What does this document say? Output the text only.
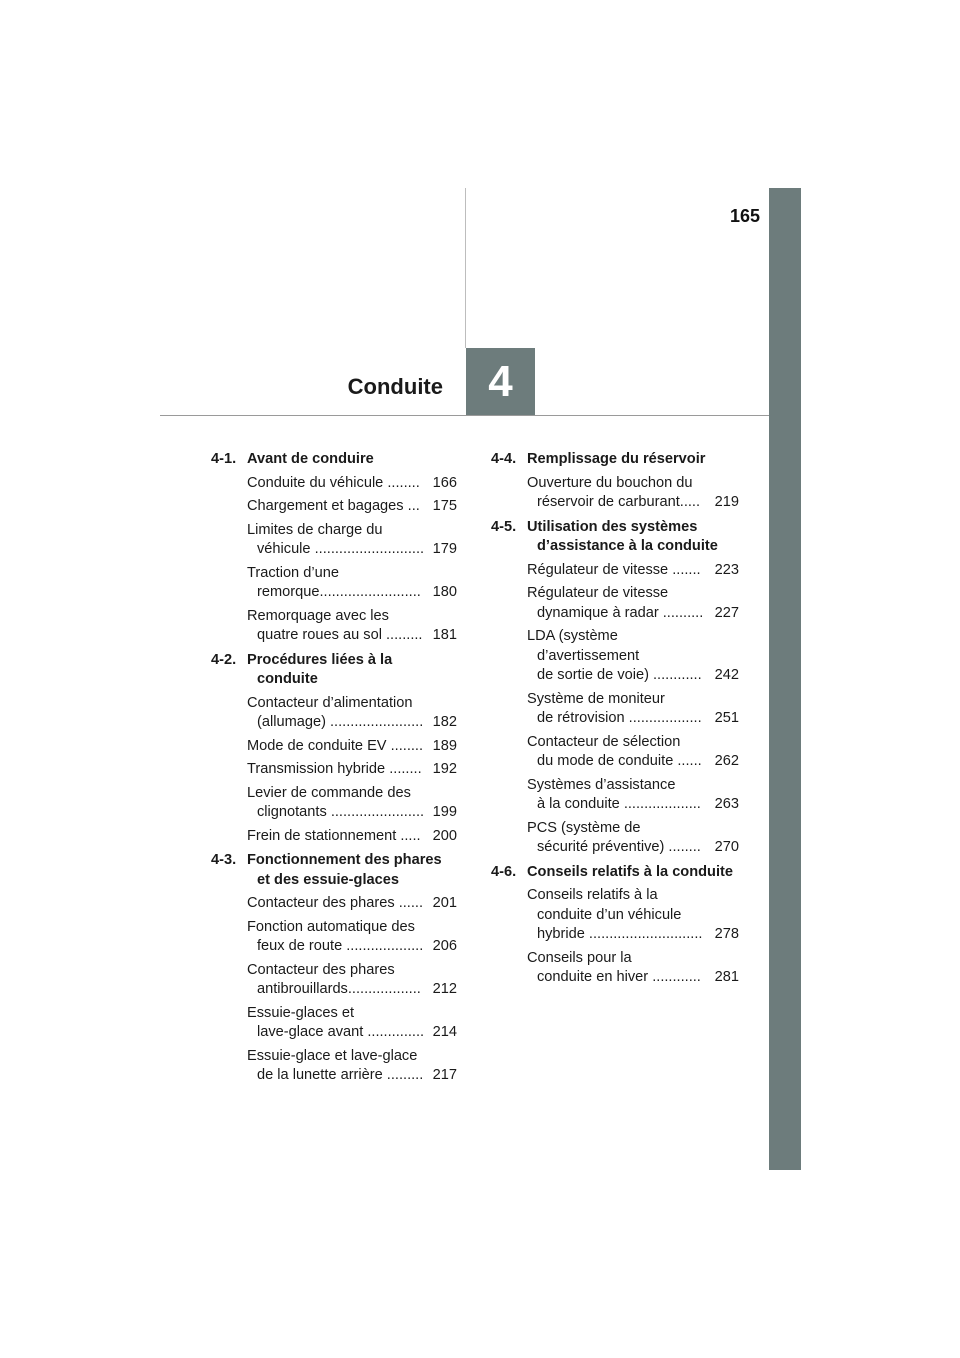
165
4
Conduite
4-1. Avant de conduire
Conduite du véhicule ........ 166
Chargement et bagages ... 175
Limites de charge du
véhicule ........................... 179
Traction d’une
remorque......................... 180
Remorquage avec les
quatre roues au sol ......... 181
4-2. Procédures liées à la conduite
Contacteur d’alimentation
(allumage) ....................... 182
Mode de conduite EV ........ 189
Transmission hybride ........ 192
Levier de commande des
clignotants ....................... 199
Frein de stationnement ..... 200
4-3. Fonctionnement des phares et des essuie-glaces
Contacteur des phares ...... 201
Fonction automatique des
feux de route ................... 206
Contacteur des phares
antibrouillards.................. 212
Essuie-glaces et
lave-glace avant .............. 214
Essuie-glace et lave-glace
de la lunette arrière ......... 217
4-4. Remplissage du réservoir
Ouverture du bouchon du
réservoir de carburant..... 219
4-5. Utilisation des systèmes d’assistance à la conduite
Régulateur de vitesse ....... 223
Régulateur de vitesse
dynamique à radar .......... 227
LDA (système
d’avertissement
de sortie de voie) ............ 242
Système de moniteur
de rétrovision .................. 251
Contacteur de sélection
du mode de conduite ...... 262
Systèmes d’assistance
à la conduite ................... 263
PCS (système de
sécurité préventive) ........ 270
4-6. Conseils relatifs à la conduite
Conseils relatifs à la
conduite d’un véhicule
hybride ............................ 278
Conseils pour la
conduite en hiver ............ 281
